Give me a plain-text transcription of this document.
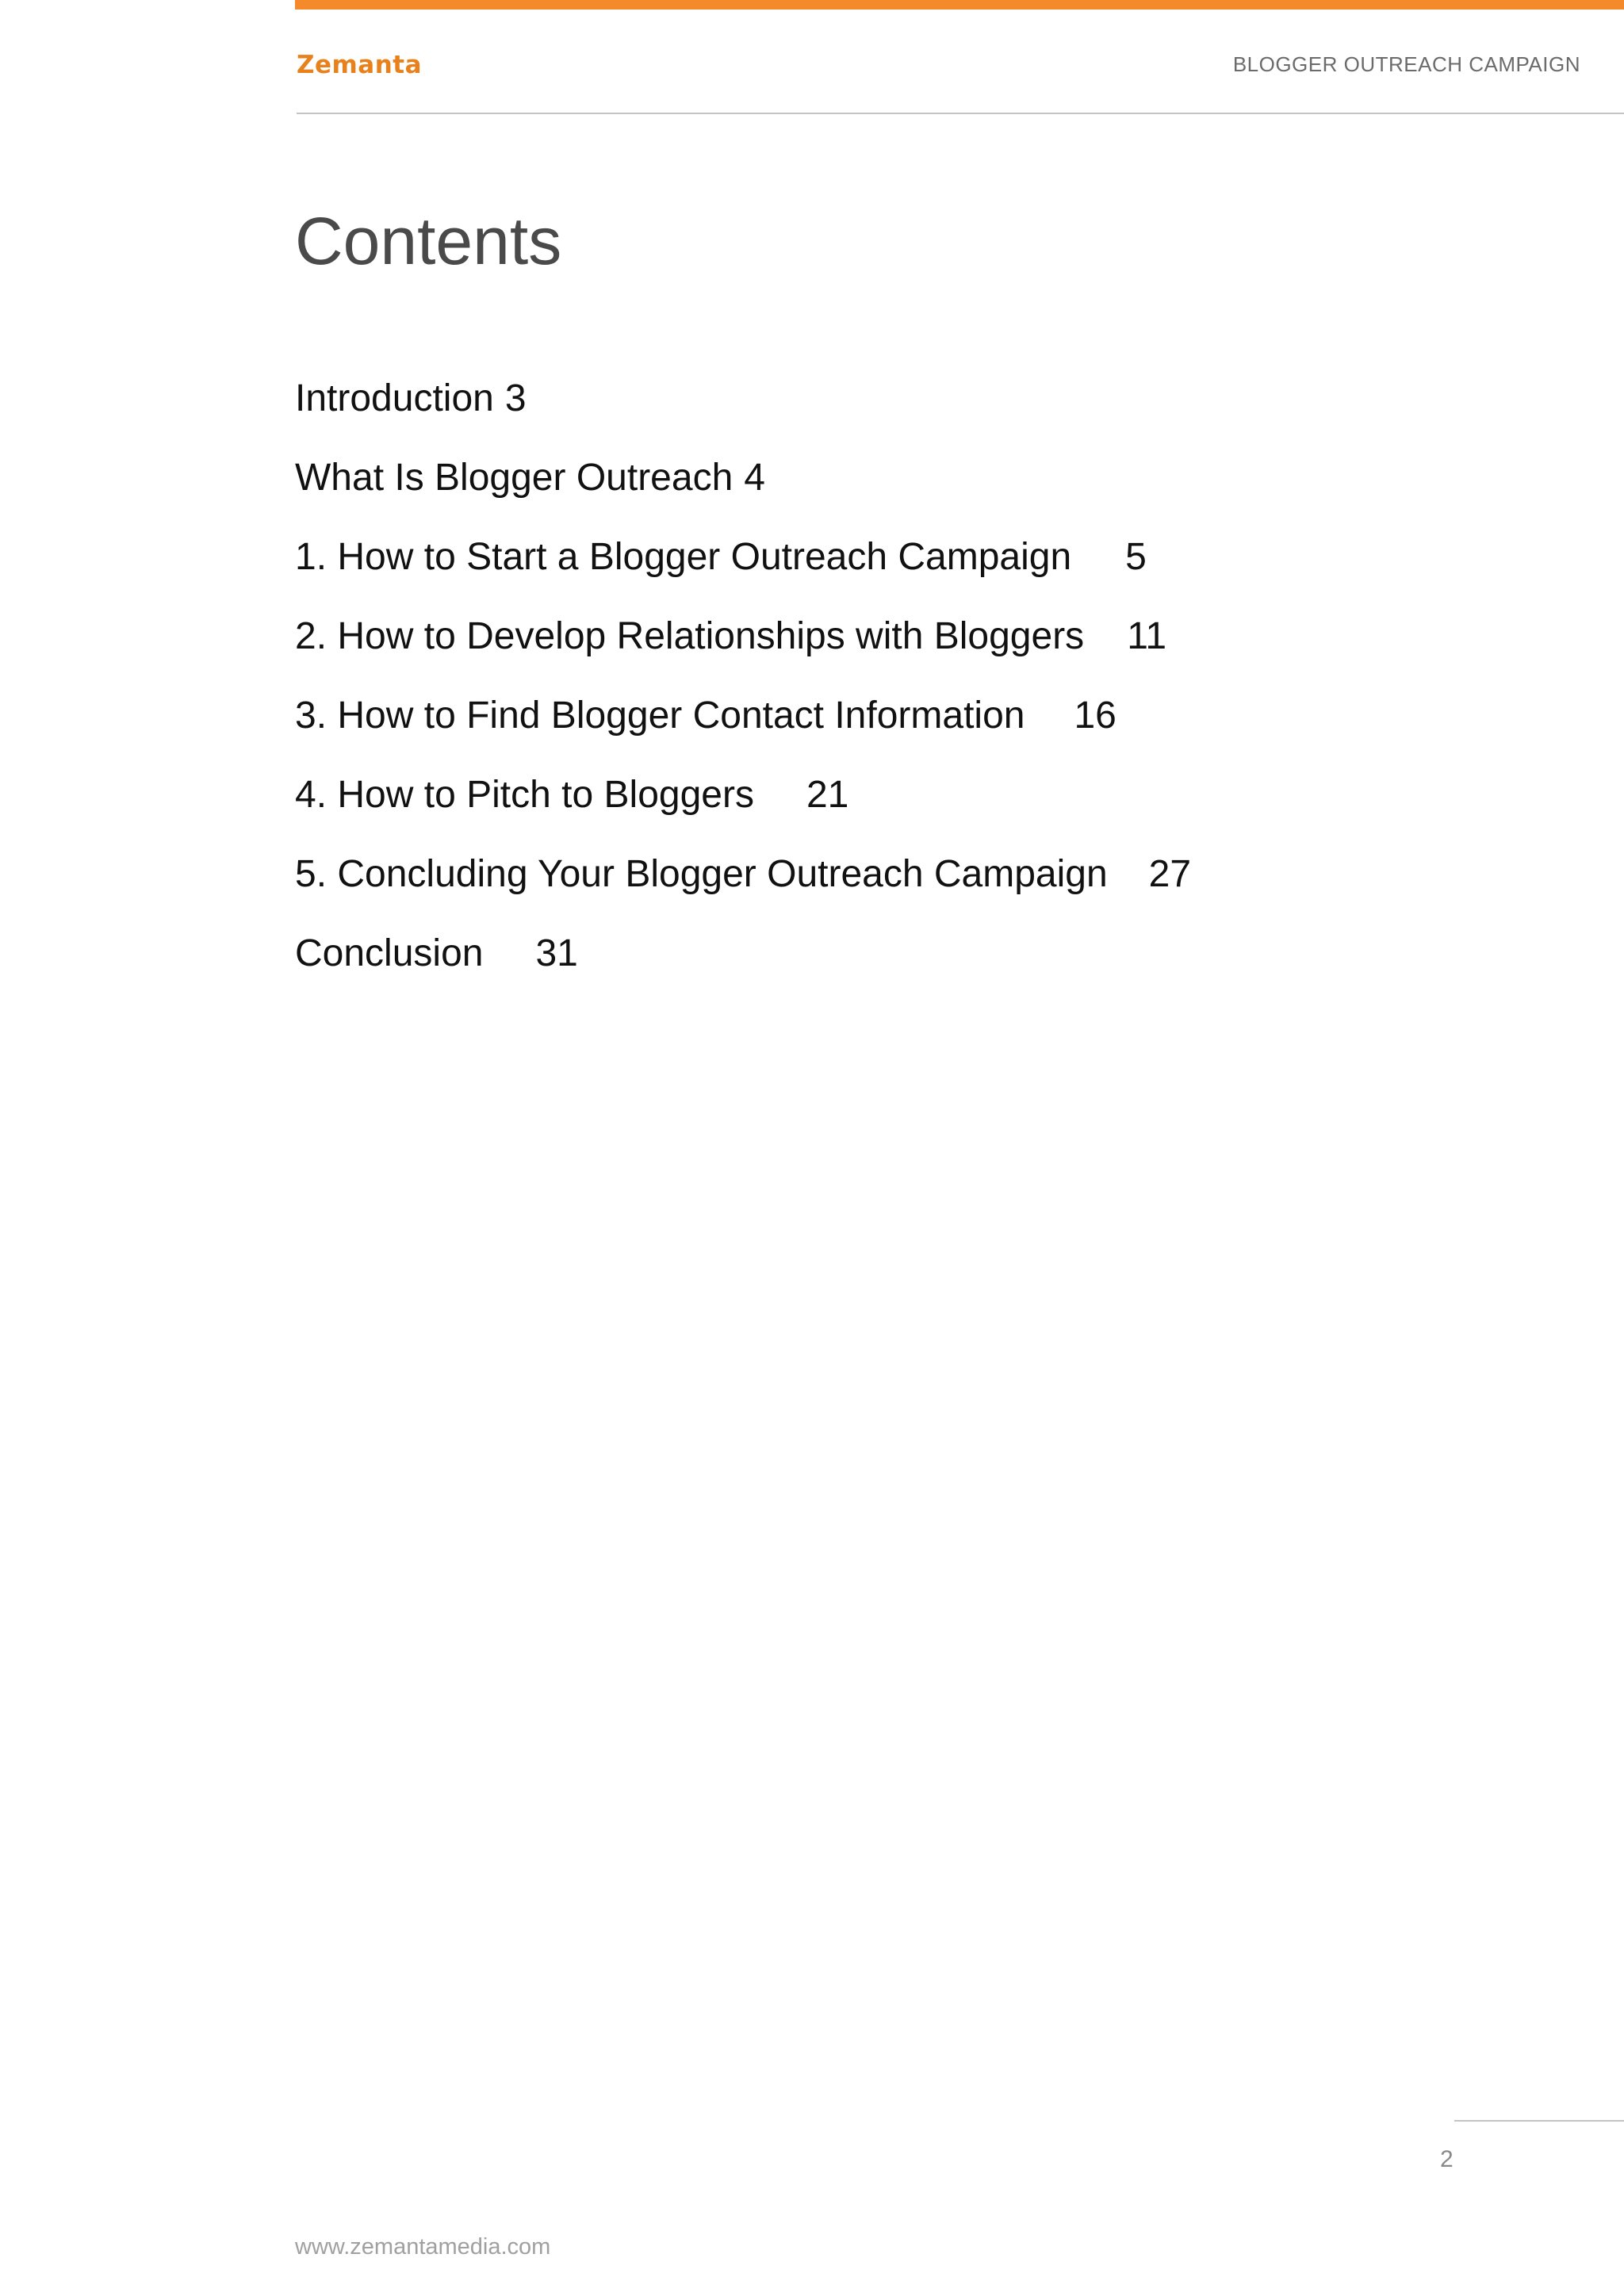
Zemanta	BLOGGER OUTREACH CAMPAIGN
Contents
Introduction 3
What Is Blogger Outreach 4
1. How to Start a Blogger Outreach Campaign 5
2. How to Develop Relationships with Bloggers 11
3. How to Find Blogger Contact Information 16
4. How to Pitch to Bloggers 21
5. Concluding Your Blogger Outreach Campaign 27
Conclusion 31
2
www.zemantamedia.com
